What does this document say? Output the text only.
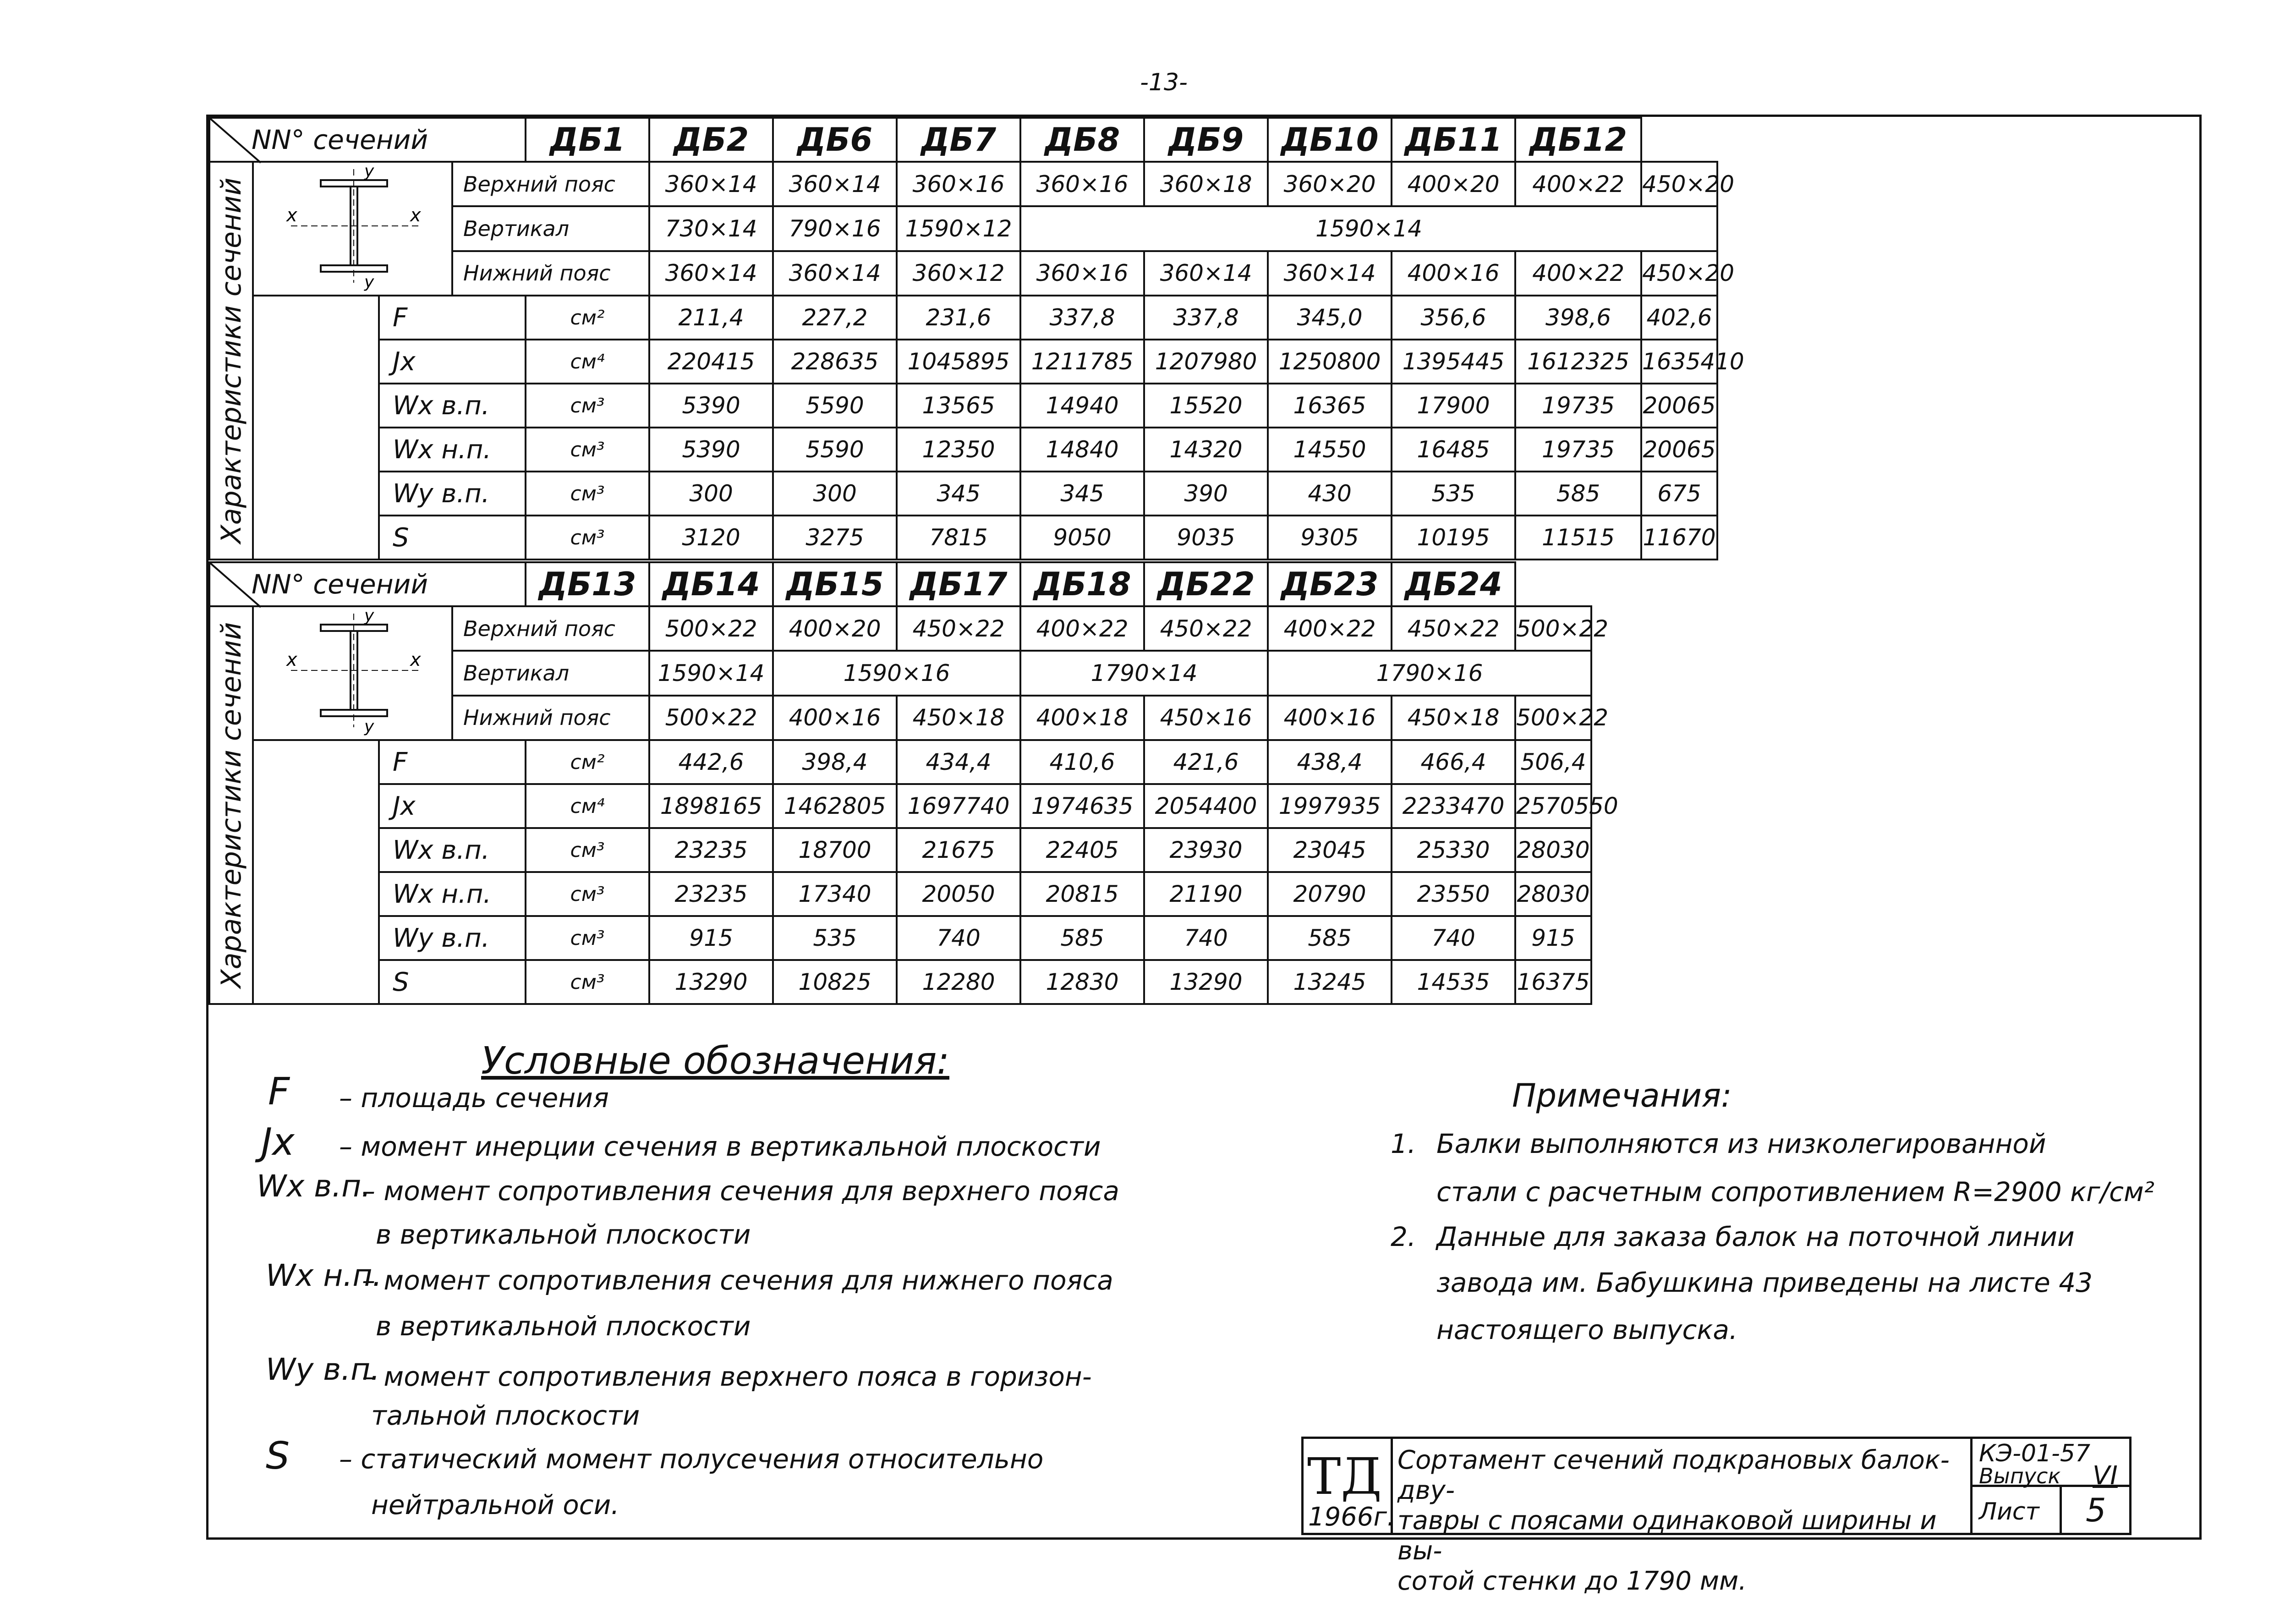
-13-
NN° сечений				ДБ1	ДБ2	ДБ6	ДБ7	ДБ8	ДБ9	ДБ10	ДБ11	ДБ12	

Характеристики сечений	y
y
x x		Верхний пояс		360×14	360×14	360×16	360×16	360×18	360×20	400×20	400×22	450×20
			Вертикал		730×14	790×16	1590×12	1590×14					
			Нижний пояс		360×14	360×14	360×12	360×16	360×14	360×14	400×16	400×22	450×20
		F		см²	211,4	227,2	231,6	337,8	337,8	345,0	356,6	398,6	402,6
		Jx		см⁴	220415	228635	1045895	1211785	1207980	1250800	1395445	1612325	1635410
		Wx в.п.		см³	5390	5590	13565	14940	15520	16365	17900	19735	20065
		Wx н.п.		см³	5390	5590	12350	14840	14320	14550	16485	19735	20065
		Wy в.п.		см³	300	300	345	345	390	430	535	585	675
		S		см³	3120	3275	7815	9050	9035	9305	10195	11515	11670
NN° сечений				ДБ13	ДБ14	ДБ15	ДБ17	ДБ18	ДБ22	ДБ23	ДБ24	

Характеристики сечений	y
y
x x		Верхний пояс		500×22	400×20	450×22	400×22	450×22	400×22	450×22	500×22
			Вертикал		1590×14	1590×16		1790×14		1790×16		
			Нижний пояс		500×22	400×16	450×18	400×18	450×16	400×16	450×18	500×22
		F		см²	442,6	398,4	434,4	410,6	421,6	438,4	466,4	506,4
		Jx		см⁴	1898165	1462805	1697740	1974635	2054400	1997935	2233470	2570550
		Wx в.п.		см³	23235	18700	21675	22405	23930	23045	25330	28030
		Wx н.п.		см³	23235	17340	20050	20815	21190	20790	23550	28030
		Wy в.п.		см³	915	535	740	585	740	585	740	915
		S		см³	13290	10825	12280	12830	13290	13245	14535	16375
Условные обозначения:
F – площадь сечения
Jx – момент инерции сечения в вертикальной плоскости
Wx в.п.
– момент сопротивления сечения для верхнего пояса
в вертикальной плоскости
Wx н.п.
– момент сопротивления сечения для нижнего пояса
в вертикальной плоскости
Wy в.п.
– момент сопротивления верхнего пояса в горизон-
тальной плоскости
S – статический момент полусечения относительно
нейтральной оси.
Примечания:
1. Балки выполняются из низколегированной
стали с расчетным сопротивлением R=2900 кг/см²
2. Данные для заказа балок на поточной линии
завода им. Бабушкина приведены на листе 43
настоящего выпуска.
ТД
1966г.
Сортамент сечений подкрановых балок-дву-
тавры с поясами одинаковой ширины и вы-
сотой стенки до 1790 мм.
КЭ-01-57
Выпуск VI
Лист 5
